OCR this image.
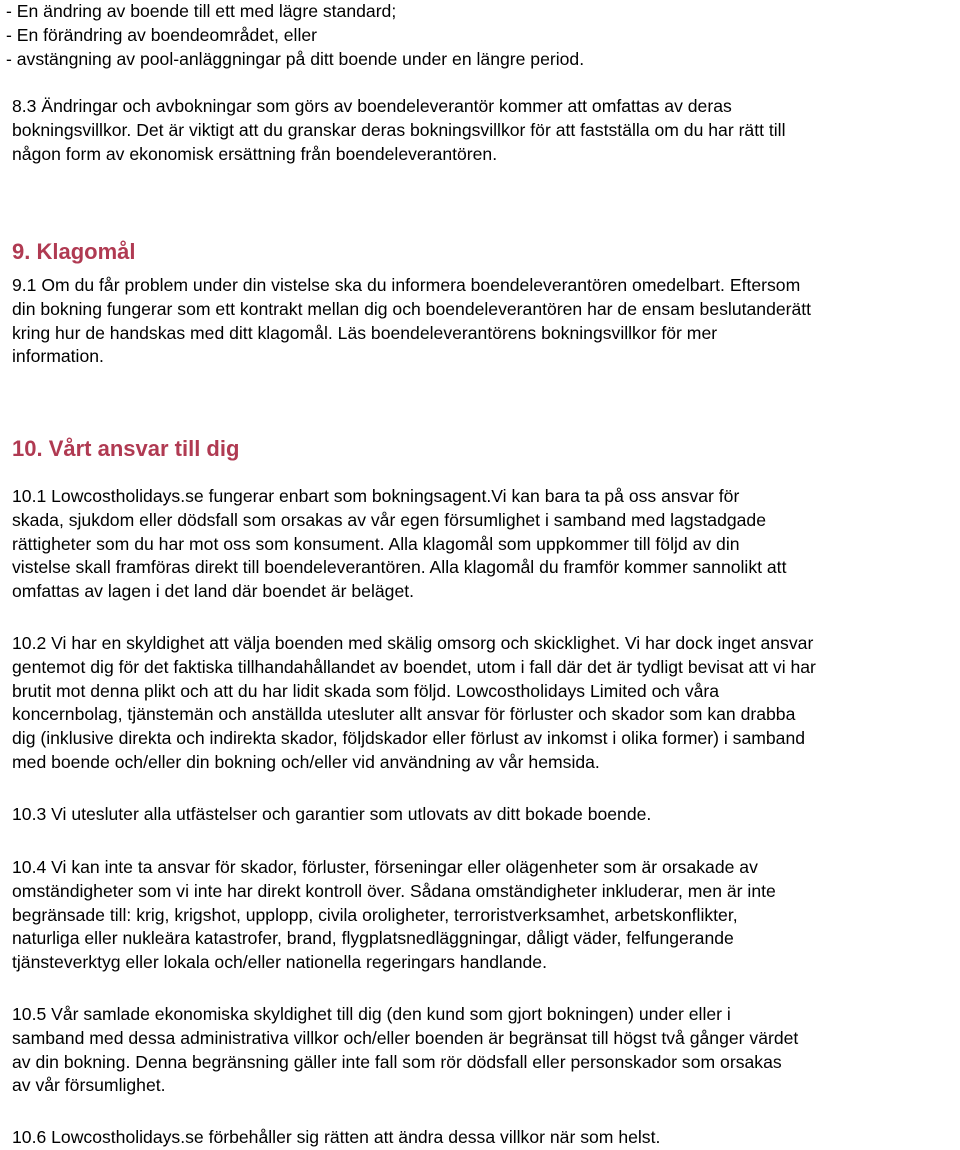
- En ändring av boende till ett med lägre standard;
- En förändring av boendeområdet, eller
- avstängning av pool-anläggningar på ditt boende under en längre period.

8.3 Ändringar och avbokningar som görs av boendeleverantör kommer att omfattas av deras
bokningsvillkor. Det är viktigt att du granskar deras bokningsvillkor för att fastställa om du har rätt till
någon form av ekonomisk ersättning från boendeleverantören.

9. Klagomål

9.1 Om du får problem under din vistelse ska du informera boendeleverantören omedelbart. Eftersom
din bokning fungerar som ett kontrakt mellan dig och boendeleverantören har de ensam beslutanderätt
kring hur de handskas med ditt klagomål. Läs boendeleverantörens bokningsvillkor för mer
information.

10. Vårt ansvar till dig

10.1 Lowcostholidays.se fungerar enbart som bokningsagent.Vi kan bara ta på oss ansvar för
skada, sjukdom eller dödsfall som orsakas av vår egen försumlighet i samband med lagstadgade
rättigheter som du har mot oss som konsument. Alla klagomål som uppkommer till följd av din
vistelse skall framföras direkt till boendeleverantören. Alla klagomål du framför kommer sannolikt att
omfattas av lagen i det land där boendet är beläget.

10.2 Vi har en skyldighet att välja boenden med skälig omsorg och skicklighet. Vi har dock inget ansvar
gentemot dig för det faktiska tillhandahållandet av boendet, utom i fall där det är tydligt bevisat att vi har
brutit mot denna plikt och att du har lidit skada som följd. Lowcostholidays Limited och våra
koncernbolag, tjänstemän och anställda utesluter allt ansvar för förluster och skador som kan drabba
dig (inklusive direkta och indirekta skador, följdskador eller förlust av inkomst i olika former) i samband
med boende och/eller din bokning och/eller vid användning av vår hemsida.

10.3 Vi utesluter alla utfästelser och garantier som utlovats av ditt bokade boende.

10.4 Vi kan inte ta ansvar för skador, förluster, förseningar eller olägenheter som är orsakade av
omständigheter som vi inte har direkt kontroll över. Sådana omständigheter inkluderar, men är inte
begränsade till: krig, krigshot, upplopp, civila oroligheter, terroristverksamhet, arbetskonflikter,
naturliga eller nukleära katastrofer, brand, flygplatsnedläggningar, dåligt väder, felfungerande
tjänsteverktyg eller lokala och/eller nationella regeringars handlande.

10.5 Vår samlade ekonomiska skyldighet till dig (den kund som gjort bokningen) under eller i
samband med dessa administrativa villkor och/eller boenden är begränsat till högst två gånger värdet
av din bokning. Denna begränsning gäller inte fall som rör dödsfall eller personskador som orsakas
av vår försumlighet.

10.6 Lowcostholidays.se förbehåller sig rätten att ändra dessa villkor när som helst.
